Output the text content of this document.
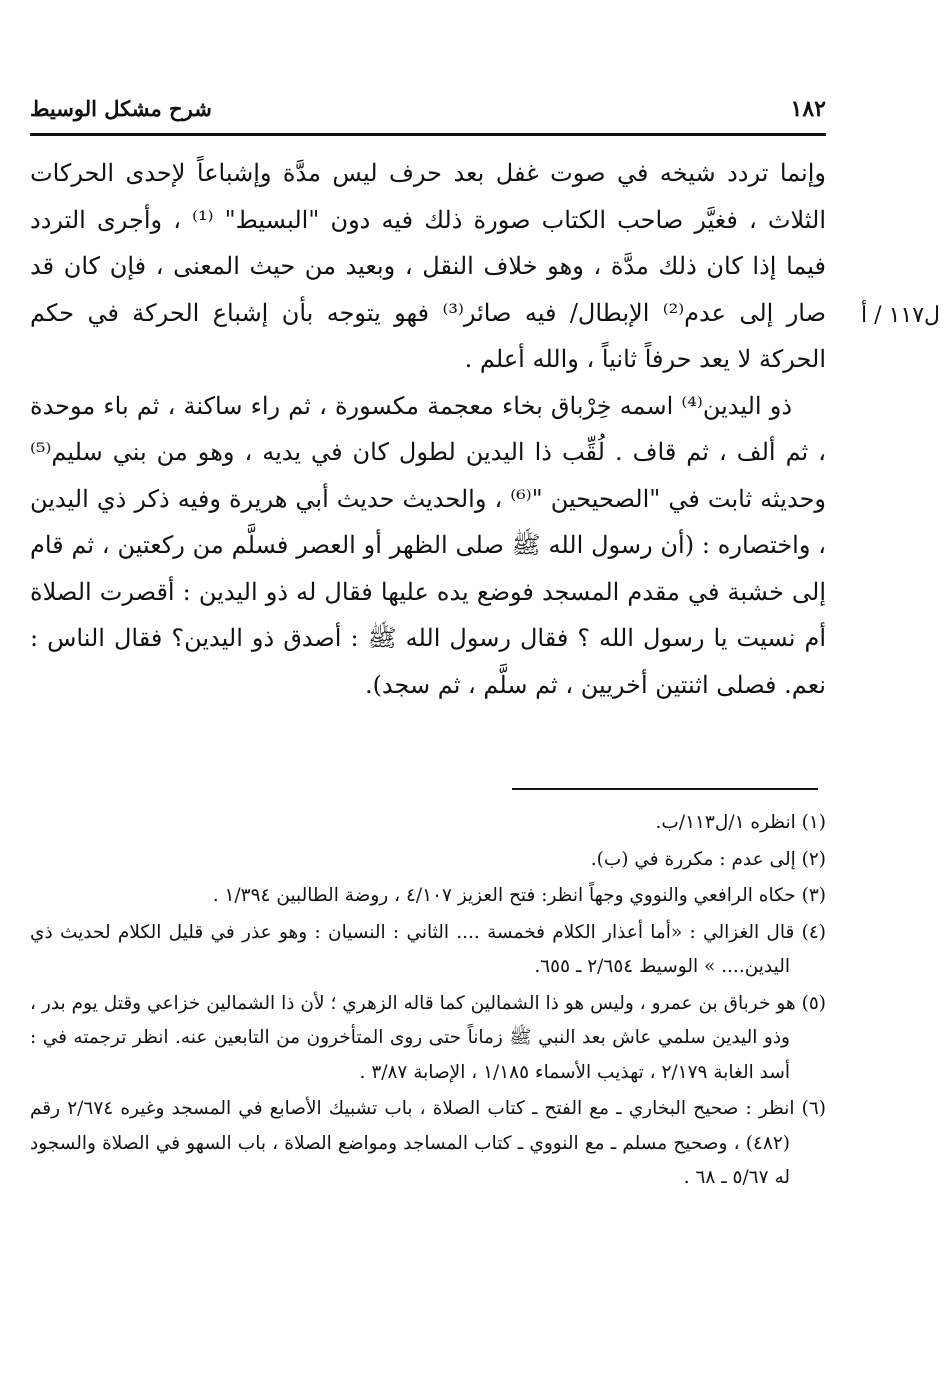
١٨٢
شرح مشكل الوسيط
ل١١٧ / أ

وإنما تردد شيخه في صوت غفل بعد حرف ليس مدَّة وإشباعاً لإحدى الحركات الثلاث ، فغيَّر صاحب الكتاب صورة ذلك فيه دون "البسيط" ⁽¹⁾ ، وأجرى التردد فيما إذا كان ذلك مدَّة ، وهو خلاف النقل ، وبعيد من حيث المعنى ، فإن كان قد صار إلى عدم⁽²⁾ الإبطال/ فيه صائر⁽³⁾ فهو يتوجه بأن إشباع الحركة في حكم الحركة لا يعد حرفاً ثانياً ، والله أعلم .

ذو اليدين⁽⁴⁾ اسمه خِرْباق بخاء معجمة مكسورة ، ثم راء ساكنة ، ثم باء موحدة ، ثم ألف ، ثم قاف . لُقِّب ذا اليدين لطول كان في يديه ، وهو من بني سليم⁽⁵⁾ وحديثه ثابت في "الصحيحين "⁽⁶⁾ ، والحديث حديث أبي هريرة وفيه ذكر ذي اليدين ، واختصاره : (أن رسول الله ﷺ صلى الظهر أو العصر فسلَّم من ركعتين ، ثم قام إلى خشبة في مقدم المسجد فوضع يده عليها فقال له ذو اليدين : أقصرت الصلاة أم نسيت يا رسول الله ؟ فقال رسول الله ﷺ : أصدق ذو اليدين؟ فقال الناس : نعم. فصلى اثنتين أخريين ، ثم سلَّم ، ثم سجد).

(١) انظره ١/ل١١٣/ب.

(٢) إلى عدم : مكررة في (ب).

(٣) حكاه الرافعي والنووي وجهاً انظر: فتح العزيز ٤/١٠٧ ، روضة الطالبين ١/٣٩٤ .

(٤) قال الغزالي : «أما أعذار الكلام فخمسة .... الثاني : النسيان : وهو عذر في قليل الكلام لحديث ذي اليدين.... » الوسيط ٢/٦٥٤ ـ ٦٥٥.

(٥) هو خرباق بن عمرو ، وليس هو ذا الشمالين كما قاله الزهري ؛ لأن ذا الشمالين خزاعي وقتل يوم بدر ، وذو اليدين سلمي عاش بعد النبي ﷺ زماناً حتى روى المتأخرون من التابعين عنه. انظر ترجمته في : أسد الغابة ٢/١٧٩ ، تهذيب الأسماء ١/١٨٥ ، الإصابة ٣/٨٧ .

(٦) انظر : صحيح البخاري ـ مع الفتح ـ كتاب الصلاة ، باب تشبيك الأصابع في المسجد وغيره ٢/٦٧٤ رقم (٤٨٢) ، وصحيح مسلم ـ مع النووي ـ كتاب المساجد ومواضع الصلاة ، باب السهو في الصلاة والسجود له ٥/٦٧ ـ ٦٨ .
